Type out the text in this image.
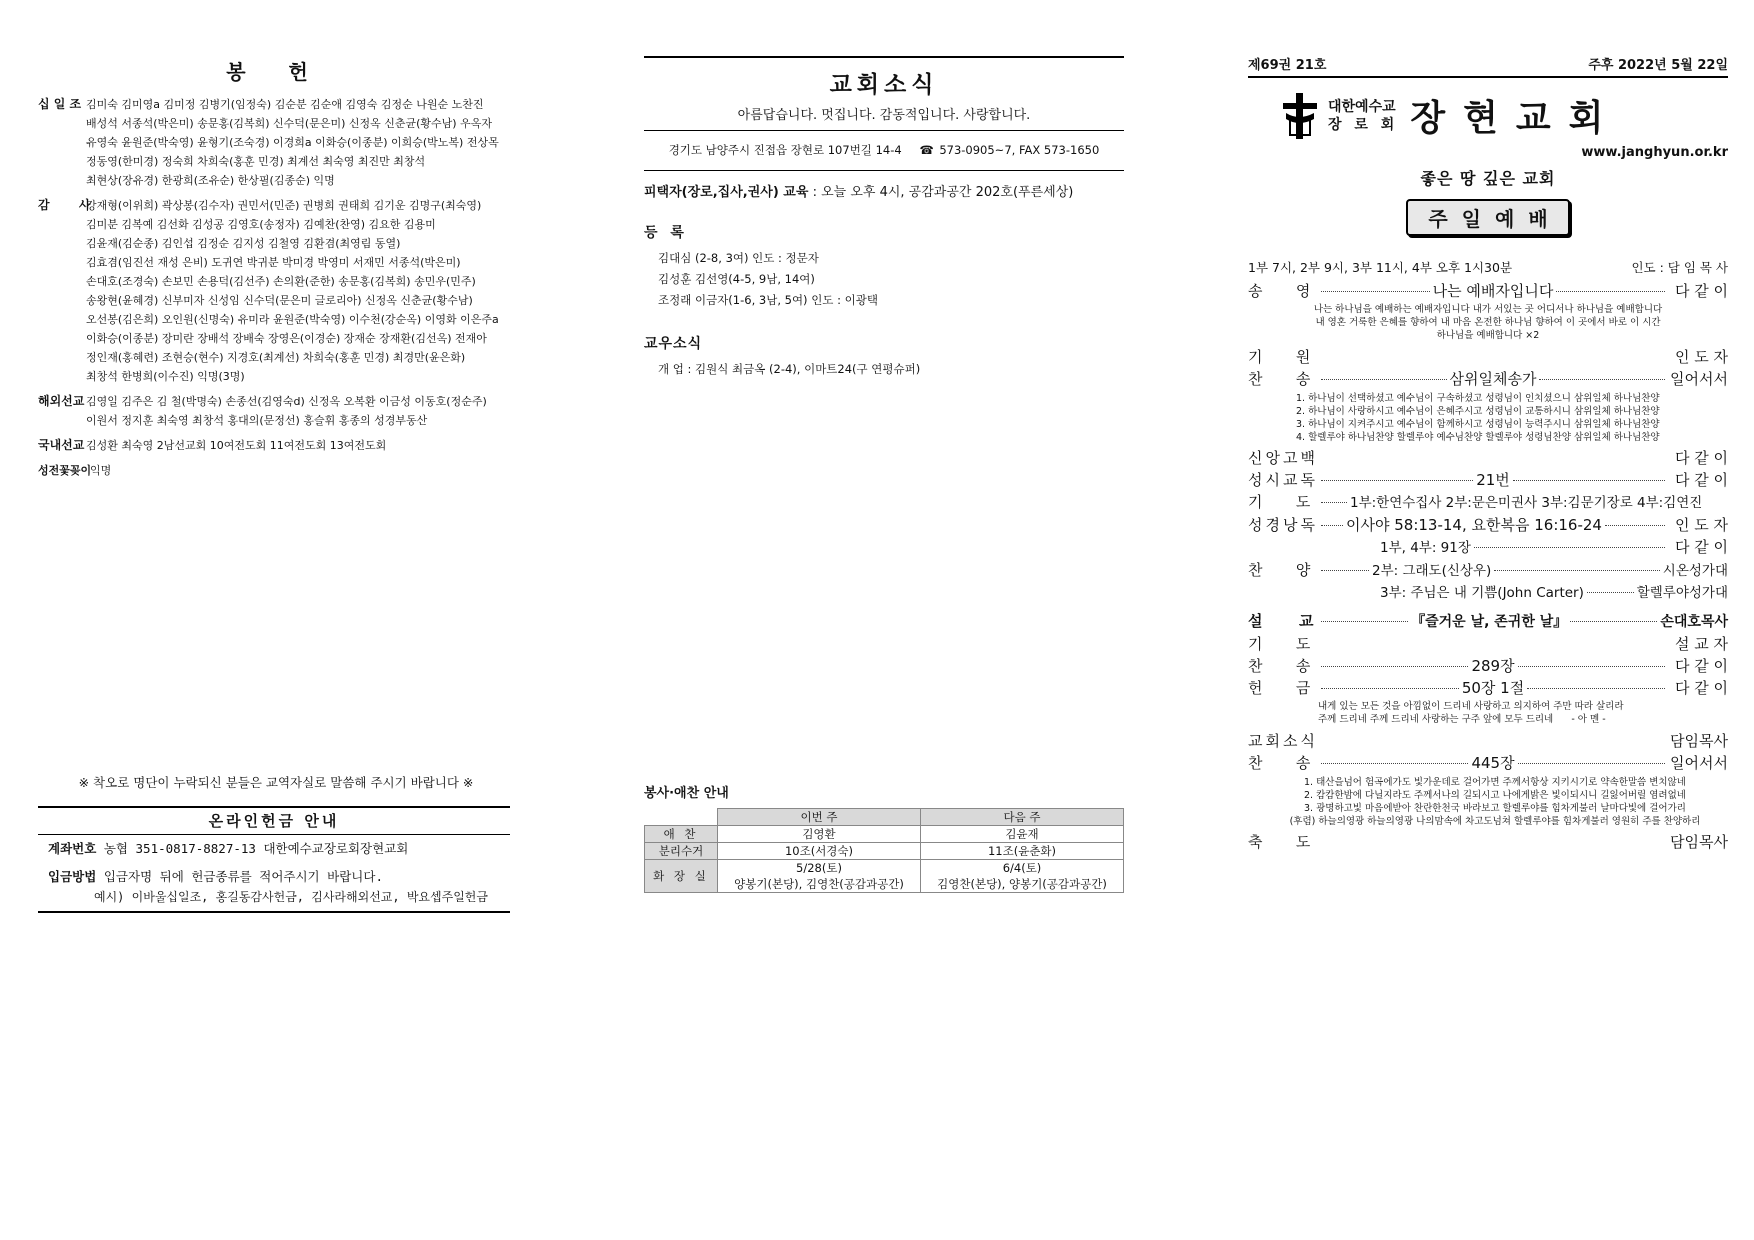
봉 헌
십 일 조 김미숙 김미영a 김미정 김병기(임정숙) 김순분 김순애 김영숙 김정순 나원순 노찬진
배성석 서종석(박은미) 송문홍(김복희) 신수덕(문은미) 신정옥 신춘균(황수남) 우옥자
유영숙 윤원준(박숙영) 윤형기(조숙경) 이경희a 이화승(이종분) 이희승(박노복) 전상목
정동영(한미경) 정숙희 차희숙(홍훈 민경) 최계선 최숙영 최진만 최창석
최현상(장유경) 한광희(조유순) 한상필(김종순) 익명
감       사
강재형(이위희) 곽상봉(김수자) 권민서(민준) 권병희 권태희 김기운 김명구(최숙영)
김미분 김복예 김선화 김성공 김영호(송정자) 김예찬(찬영) 김요한 김용미
김윤재(김순종) 김인섭 김정순 김지성 김철영 김환겸(최영림 동열)
김효겸(임진선 재성 은비) 도귀연 박귀분 박미경 박영미 서재민 서종석(박은미)
손대호(조경숙) 손보민 손용덕(김선주) 손의환(준한) 송문홍(김복희) 송민우(민주)
송왕현(윤혜경) 신부미자 신성임 신수덕(문은미 글로리아) 신정옥 신춘균(황수남)
오선봉(김은희) 오인원(신명숙) 유미라 윤원준(박숙영) 이수천(강순옥) 이영화 이은주a
이화승(이종분) 장미란 장배석 장배숙 장영은(이경순) 장재순 장재환(김선옥) 전재아
정인재(홍혜련) 조현승(현수) 지경호(최계선) 차희숙(홍훈 민경) 최경만(윤은화)
최창석 한병희(이수진) 익명(3명)
해외선교 김영일 김주은 김 철(박명숙) 손종선(김영숙d) 신정옥 오복환 이금성 이동호(정순주)
이원서 정지훈 최숙영 최창석 홍대의(문정선) 홍슬휘 홍종의 성경부동산
국내선교 김성환 최숙영 2남선교회 10여전도회 11여전도회 13여전도회
성전꽃꽂이
익명
※ 착오로 명단이 누락되신 분들은 교역자실로 말씀해 주시기 바랍니다 ※
온라인헌금 안내
계좌번호 농협 351-0817-8827-13 대한예수교장로회장현교회
입금방법 입금자명 뒤에 헌금종류를 적어주시기 바랍니다.
예시) 이바울십일조, 홍길동감사헌금, 김사라해외선교, 박요셉주일헌금
교회소식
아름답습니다. 멋집니다. 감동적입니다. 사랑합니다.
경기도 남양주시 진접읍 장현로 107번길 14-4 ☎ 573-0905~7, FAX 573-1650
피택자(장로,집사,권사) 교육 : 오늘 오후 4시, 공감과공간 202호(푸른세상)
등 록
김대심 (2-8, 3여) 인도 : 정문자
김성훈 김선영(4-5, 9남, 14여)
조정래 이금자(1-6, 3남, 5여) 인도 : 이광택
교우소식
개 업 : 김원식 최금옥 (2-4), 이마트24(구 연평슈퍼)
봉사·애찬 안내
	이번 주	다음 주
애 찬	김영환	김윤재
분리수거	10조(서경숙)	11조(윤춘화)
화 장 실	5/28(토)	6/4(토)
	양봉기(본당), 김영찬(공감과공간)	김영찬(본당), 양봉기(공감과공간)
제69권 21호	주후 2022년 5월 22일
대한예수교
장 로 회 장현교회
www.janghyun.or.kr
좋은 땅 깊은 교회
주일예배
1부 7시, 2부 9시, 3부 11시, 4부 오후 1시30분	인도 : 담 임 목 사
송       영	나는 예배자입니다	다 같 이
나는 하나님을 예배하는 예배자입니다 내가 서있는 곳 어디서나 하나님을 예배합니다
내 영혼 거룩한 은혜를 향하여 내 마음 온전한 하나님 향하여 이 곳에서 바로 이 시간
하나님을 예배합니다 ×2
기       원	인 도 자
찬       송	삼위일체송가	일어서서
1. 하나님이 선택하셨고 예수님이 구속하셨고 성령님이 인치셨으니 삼위일체 하나님찬양
2. 하나님이 사랑하시고 예수님이 은혜주시고 성령님이 교통하시니 삼위일체 하나님찬양
3. 하나님이 지켜주시고 예수님이 함께하시고 성령님이 능력주시니 삼위일체 하나님찬양
4. 할렐루야 하나님찬양 할렐루야 예수님찬양 할렐루야 성령님찬양 삼위일체 하나님찬양
신앙고백	다 같 이
성시교독	21번	다 같 이
기       도	1부:한연수집사 2부:문은미권사 3부:김문기장로 4부:김연진
성경낭독 이사야 58:13-14, 요한복음 16:16-24	인 도 자
1부, 4부: 91장	다 같 이
찬       양	2부: 그래도(신상우)	시온성가대
3부: 주님은 내 기쁨(John Carter)	할렐루야성가대
설       교	『즐거운 날, 존귀한 날』	손대호목사
기       도	설 교 자
찬       송	289장	다 같 이
헌       금	50장 1절	다 같 이
내게 있는 모든 것을 아낌없이 드리네 사랑하고 의지하여 주만 따라 살리라
주께 드리네 주께 드리네 사랑하는 구주 앞에 모두 드리네      - 아 멘 -
교회소식	담임목사
찬       송	445장	일어서서
1. 태산을넘어 험곡에가도 빛가운데로 걸어가면 주께서항상 지키시기로 약속한말씀 변치않네
2. 캄캄한밤에 다닐지라도 주께서나의 길되시고 나에게밝은 빛이되시니 길잃어버릴 염려없네
3. 광명하고빛 마음에받아 찬란한천국 바라보고 할렐루야를 힘차게불러 날마다빛에 걸어가리
(후렴) 하늘의영광 하늘의영광 나의맘속에 차고도넘쳐 할렐루야를 힘차게불러 영원히 주를 찬양하리
축       도	담임목사
